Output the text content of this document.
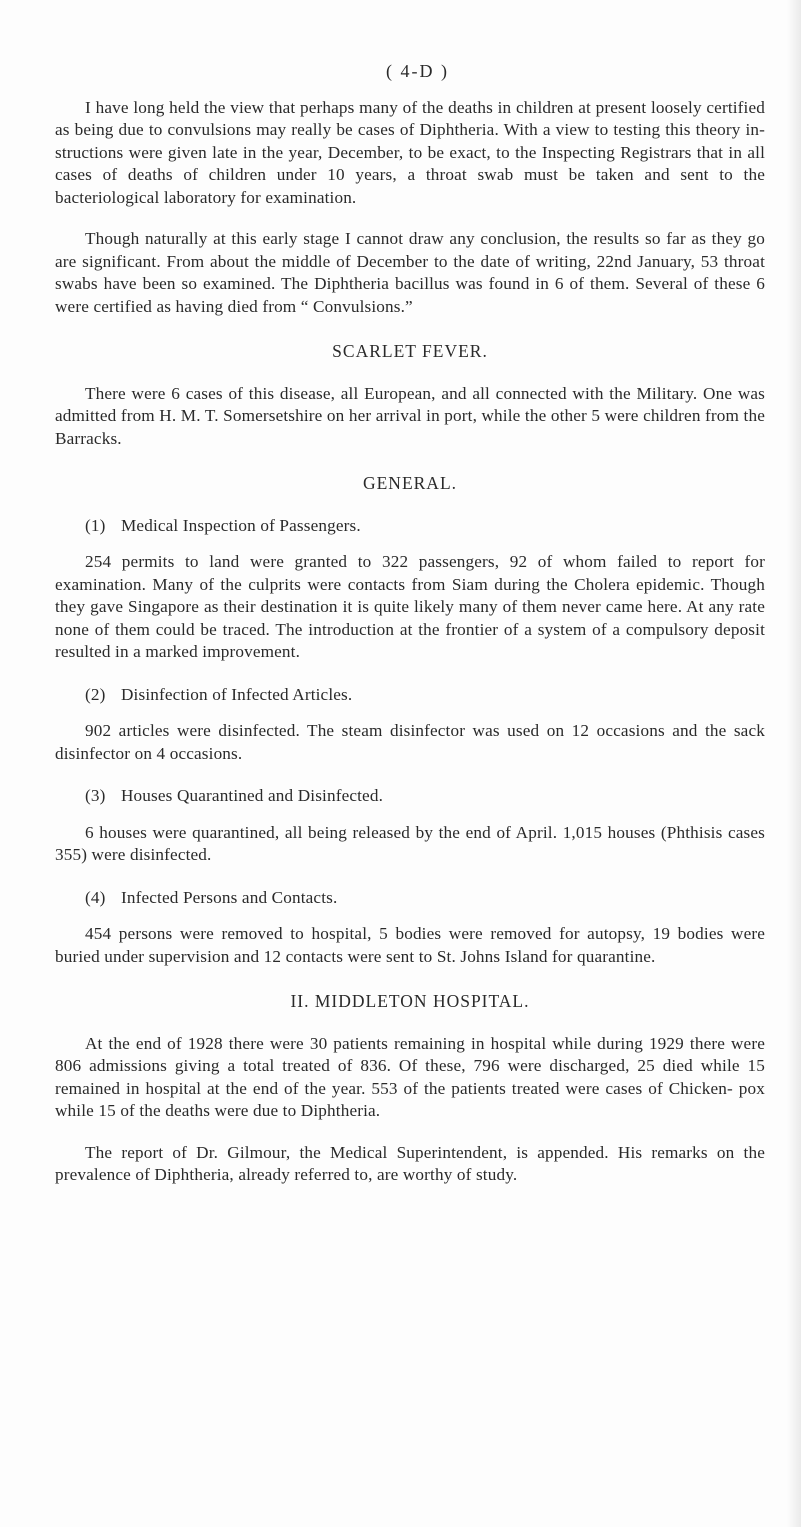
( 4-D )

I have long held the view that perhaps many of the deaths in children at present loosely certified as being due to convulsions may really be cases of Diphtheria. With a view to testing this theory in- structions were given late in the year, December, to be exact, to the Inspecting Registrars that in all cases of deaths of children under 10 years, a throat swab must be taken and sent to the bacteriological laboratory for examination.

Though naturally at this early stage I cannot draw any conclusion, the results so far as they go are significant. From about the middle of December to the date of writing, 22nd January, 53 throat swabs have been so examined. The Diphtheria bacillus was found in 6 of them. Several of these 6 were certified as having died from “ Convulsions.”

SCARLET FEVER.

There were 6 cases of this disease, all European, and all connected with the Military. One was admitted from H. M. T. Somersetshire on her arrival in port, while the other 5 were children from the Barracks.

GENERAL.
(1) Medical Inspection of Passengers.

254 permits to land were granted to 322 passengers, 92 of whom failed to report for examination. Many of the culprits were contacts from Siam during the Cholera epidemic. Though they gave Singapore as their destination it is quite likely many of them never came here. At any rate none of them could be traced. The introduction at the frontier of a system of a compulsory deposit resulted in a marked improvement.

(2) Disinfection of Infected Articles.

902 articles were disinfected. The steam disinfector was used on 12 occasions and the sack disinfector on 4 occasions.

(3) Houses Quarantined and Disinfected.

6 houses were quarantined, all being released by the end of April. 1,015 houses (Phthisis cases 355) were disinfected.

(4) Infected Persons and Contacts.

454 persons were removed to hospital, 5 bodies were removed for autopsy, 19 bodies were buried under supervision and 12 contacts were sent to St. Johns Island for quarantine.

II. MIDDLETON HOSPITAL.

At the end of 1928 there were 30 patients remaining in hospital while during 1929 there were 806 admissions giving a total treated of 836. Of these, 796 were discharged, 25 died while 15 remained in hospital at the end of the year. 553 of the patients treated were cases of Chicken- pox while 15 of the deaths were due to Diphtheria.

The report of Dr. Gilmour, the Medical Superintendent, is appended. His remarks on the prevalence of Diphtheria, already referred to, are worthy of study.
